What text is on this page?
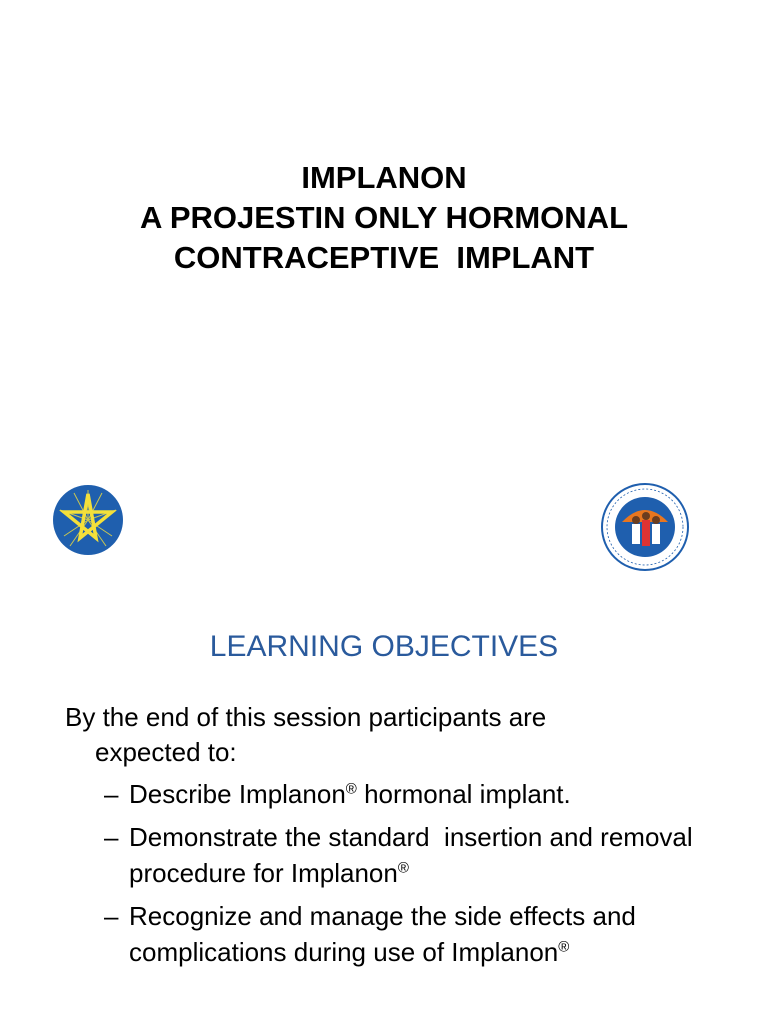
IMPLANON
A PROJESTIN ONLY HORMONAL
CONTRACEPTIVE  IMPLANT
LEARNING OBJECTIVES
By the end of this session participants are
expected to:
– Describe Implanon® hormonal implant.
– Demonstrate the standard  insertion and removal procedure for Implanon®
– Recognize and manage the side effects and complications during use of Implanon®
